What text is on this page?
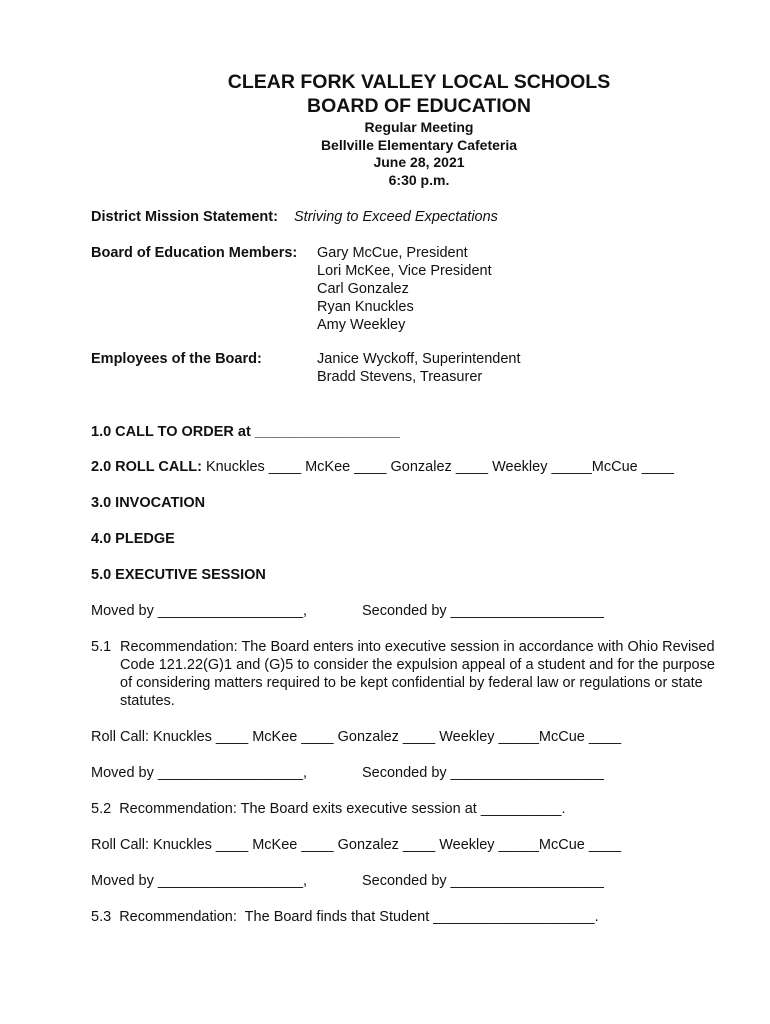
CLEAR FORK VALLEY LOCAL SCHOOLS
BOARD OF EDUCATION
Regular Meeting
Bellville Elementary Cafeteria
June 28, 2021
6:30 p.m.
District Mission Statement: Striving to Exceed Expectations
Board of Education Members: Gary McCue, President
Lori McKee, Vice President
Carl Gonzalez
Ryan Knuckles
Amy Weekley
Employees of the Board:	Janice Wyckoff, Superintendent
Bradd Stevens, Treasurer
1.0 CALL TO ORDER at __________________
2.0 ROLL CALL: Knuckles ____ McKee ____ Gonzalez ____ Weekley _____McCue ____
3.0 INVOCATION
4.0 PLEDGE
5.0 EXECUTIVE SESSION
Moved by __________________,	Seconded by ___________________
5.1 Recommendation: The Board enters into executive session in accordance with Ohio Revised
Code 121.22(G)1 and (G)5 to consider the expulsion appeal of a student and for the purpose
of considering matters required to be kept confidential by federal law or regulations or state
statutes.
Roll Call: Knuckles ____ McKee ____ Gonzalez ____ Weekley _____McCue ____
Moved by __________________,	Seconded by ___________________
5.2  Recommendation: The Board exits executive session at __________.
Roll Call: Knuckles ____ McKee ____ Gonzalez ____ Weekley _____McCue ____
Moved by __________________,	Seconded by ___________________
5.3  Recommendation:  The Board finds that Student ____________________.
